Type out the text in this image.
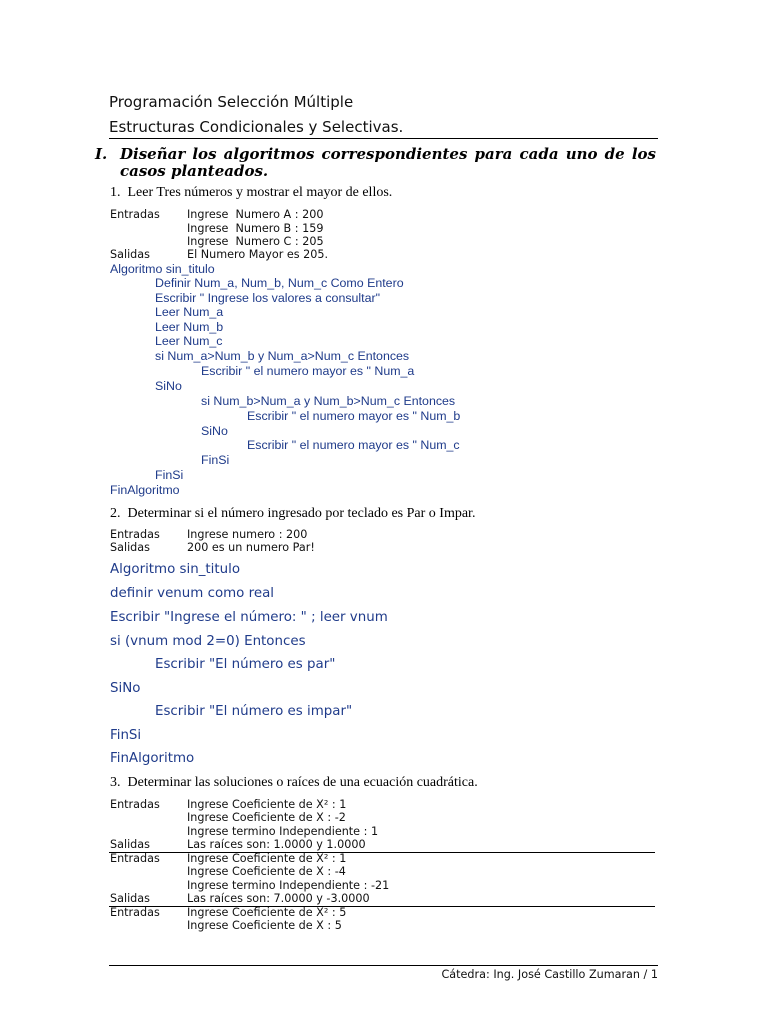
Programación Selección Múltiple
Estructuras Condicionales y Selectivas.
I. Diseñar los algoritmos correspondientes para cada uno de los
casos planteados.
1.  Leer Tres números y mostrar el mayor de ellos.
Entradas Ingrese  Numero A : 200
Ingrese  Numero B : 159
Ingrese  Numero C : 205
Salidas	El Numero Mayor es 205.
Algoritmo sin_titulo
Definir Num_a, Num_b, Num_c Como Entero
Escribir " Ingrese los valores a consultar"
Leer Num_a
Leer Num_b
Leer Num_c
si Num_a>Num_b y Num_a>Num_c Entonces
Escribir " el numero mayor es " Num_a
SiNo
si Num_b>Num_a y Num_b>Num_c Entonces
Escribir " el numero mayor es " Num_b
SiNo
Escribir " el numero mayor es " Num_c
FinSi
FinSi
FinAlgoritmo
2.  Determinar si el número ingresado por teclado es Par o Impar.
Entradas Ingrese numero : 200
Salidas	200 es un numero Par!
Algoritmo sin_titulo
definir venum como real
Escribir "Ingrese el número: " ; leer vnum
si (vnum mod 2=0) Entonces
Escribir "El número es par"
SiNo
Escribir "El número es impar"
FinSi
FinAlgoritmo
3.  Determinar las soluciones o raíces de una ecuación cuadrática.
Entradas Ingrese Coeficiente de X² : 1
Ingrese Coeficiente de X : -2
Ingrese termino Independiente : 1
Salidas	Las raíces son: 1.0000 y 1.0000
Entradas Ingrese Coeficiente de X² : 1
Ingrese Coeficiente de X : -4
Ingrese termino Independiente : -21
Salidas	Las raíces son: 7.0000 y -3.0000
Entradas Ingrese Coeficiente de X² : 5
Ingrese Coeficiente de X : 5
Cátedra: Ing. José Castillo Zumaran / 1
